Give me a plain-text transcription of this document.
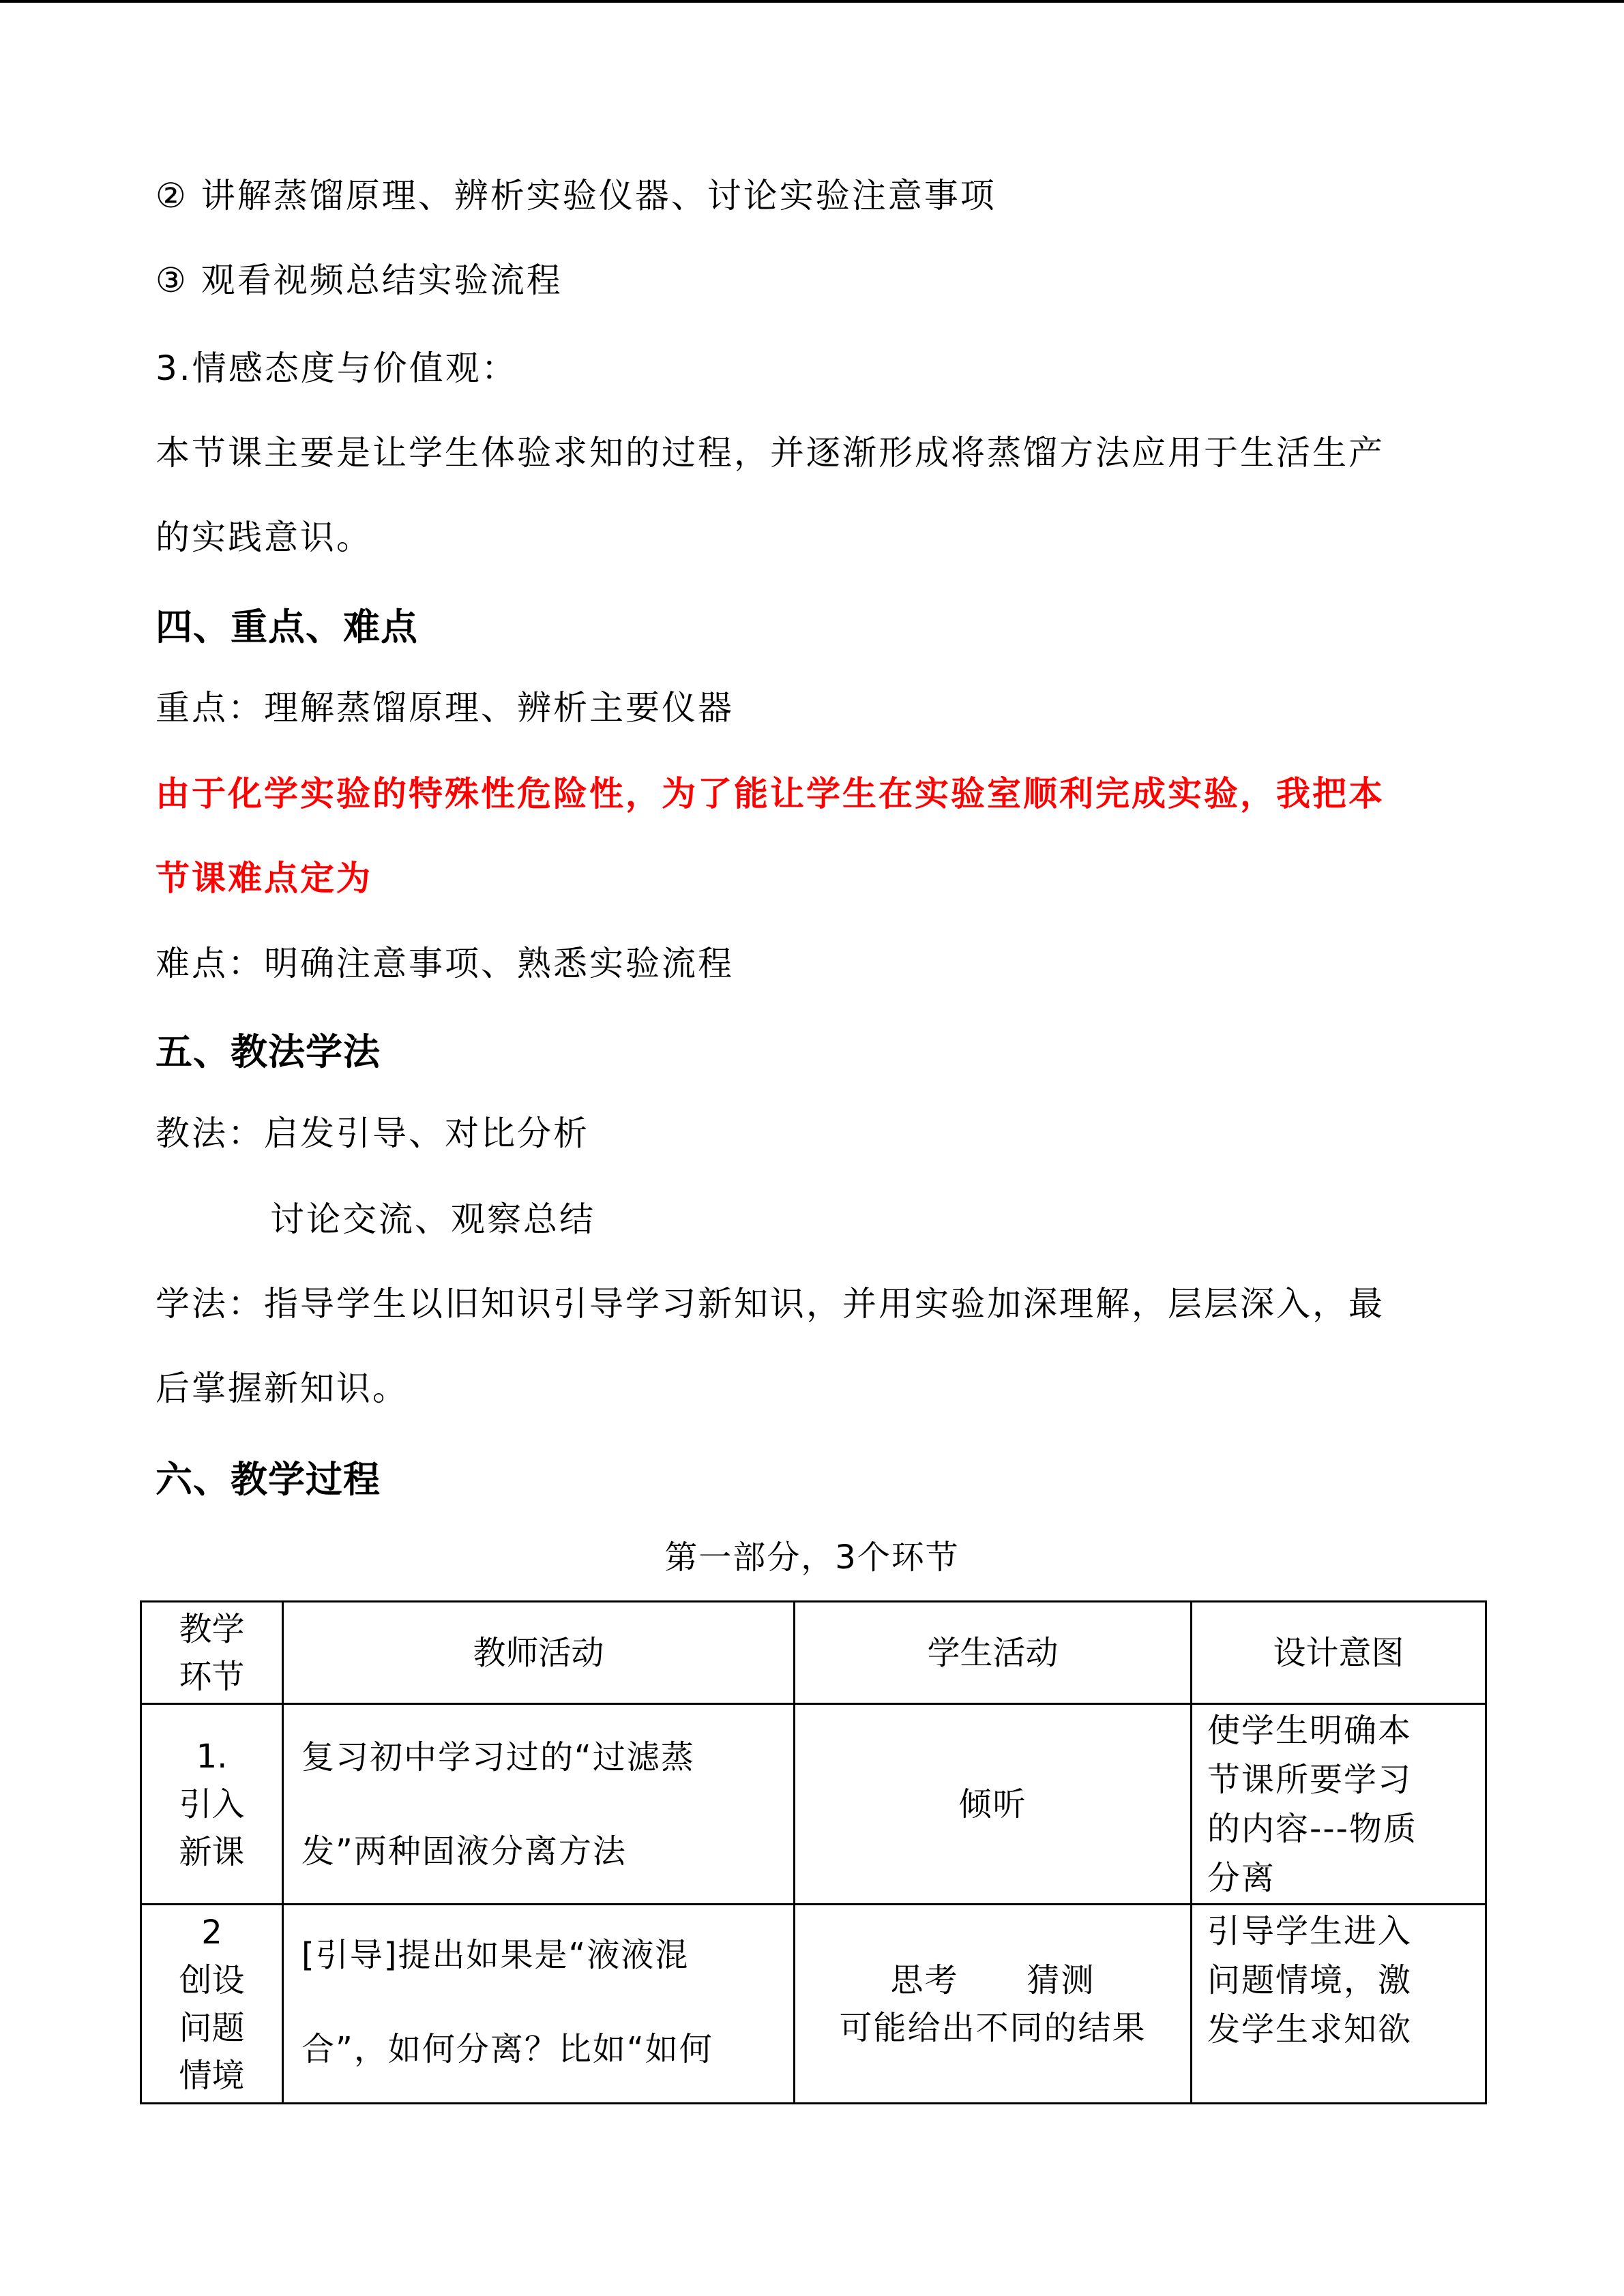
② 讲解蒸馏原理、辨析实验仪器、讨论实验注意事项
③ 观看视频总结实验流程
3.情感态度与价值观：
本节课主要是让学生体验求知的过程，并逐渐形成将蒸馏方法应用于生活生产
的实践意识。
四、重点、难点
重点：理解蒸馏原理、辨析主要仪器
由于化学实验的特殊性危险性，为了能让学生在实验室顺利完成实验，我把本
节课难点定为
难点：明确注意事项、熟悉实验流程
五、教法学法
教法：启发引导、对比分析
讨论交流、观察总结
学法：指导学生以旧知识引导学习新知识，并用实验加深理解，层层深入，最
后掌握新知识。
六、教学过程
第一部分，3个环节
教学
环节	教师活动	学生活动	设计意图

1.
引入
新课	复习初中学习过的“过滤蒸
发”两种固液分离方法	倾听	使学生明确本
节课所要学习
的内容---物质
分离

2
创设
问题
情境	[引导]提出如果是“液液混
合”，如何分离？比如“如何	思考　　猜测
可能给出不同的结果	引导学生进入
问题情境，激
发学生求知欲
